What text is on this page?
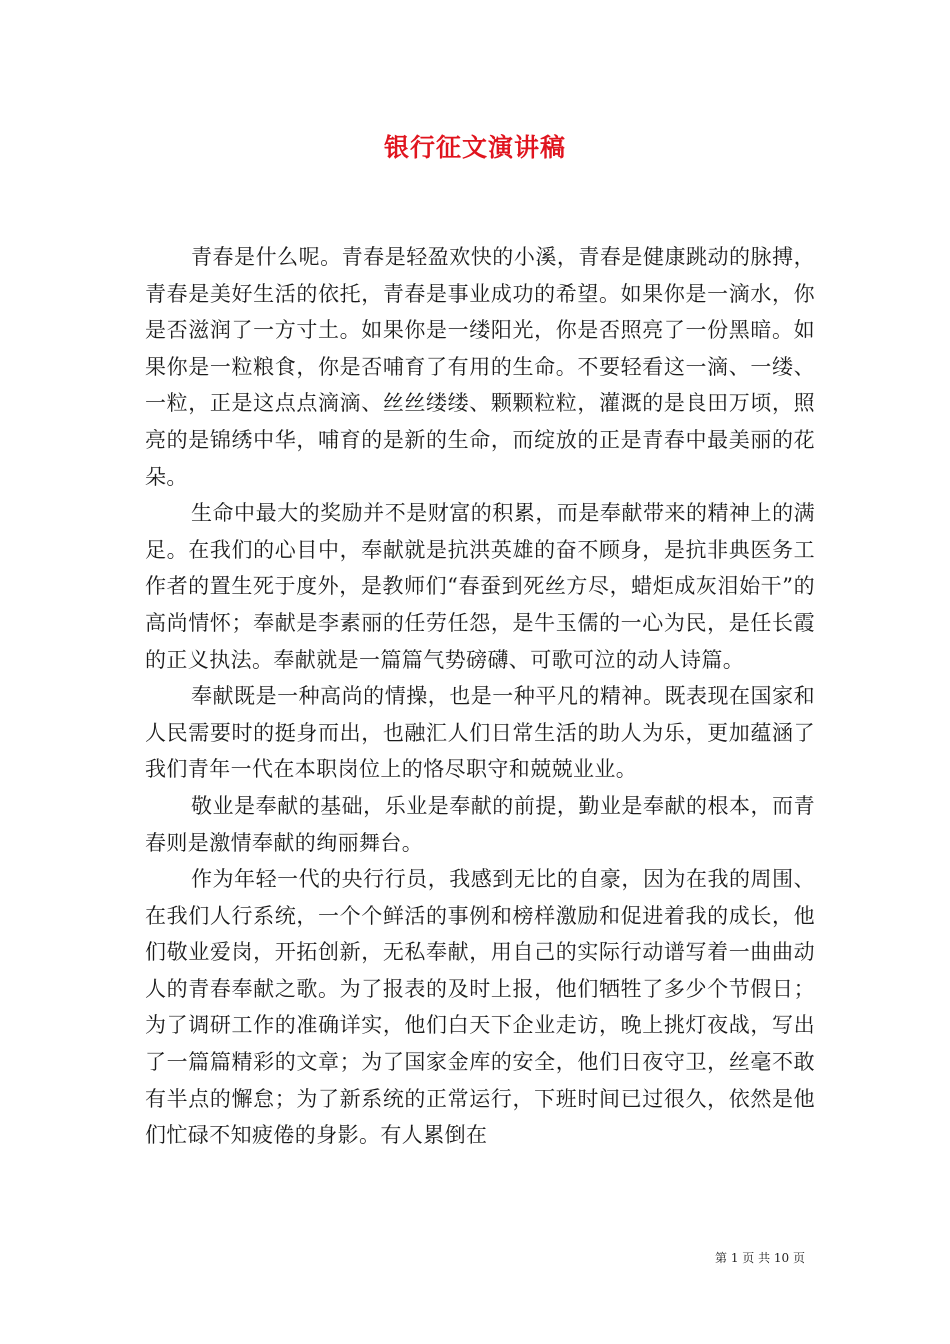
银行征文演讲稿

青春是什么呢。青春是轻盈欢快的小溪，青春是健康跳动的脉搏，青春是美好生活的依托，青春是事业成功的希望。如果你是一滴水，你是否滋润了一方寸土。如果你是一缕阳光，你是否照亮了一份黑暗。如果你是一粒粮食，你是否哺育了有用的生命。不要轻看这一滴、一缕、一粒，正是这点点滴滴、丝丝缕缕、颗颗粒粒，灌溉的是良田万顷，照亮的是锦绣中华，哺育的是新的生命，而绽放的正是青春中最美丽的花朵。

生命中最大的奖励并不是财富的积累，而是奉献带来的精神上的满足。在我们的心目中，奉献就是抗洪英雄的奋不顾身，是抗非典医务工作者的置生死于度外，是教师们“春蚕到死丝方尽，蜡炬成灰泪始干”的高尚情怀；奉献是李素丽的任劳任怨，是牛玉儒的一心为民，是任长霞的正义执法。奉献就是一篇篇气势磅礴、可歌可泣的动人诗篇。

奉献既是一种高尚的情操，也是一种平凡的精神。既表现在国家和人民需要时的挺身而出，也融汇人们日常生活的助人为乐，更加蕴涵了我们青年一代在本职岗位上的恪尽职守和兢兢业业。

敬业是奉献的基础，乐业是奉献的前提，勤业是奉献的根本，而青春则是激情奉献的绚丽舞台。

作为年轻一代的央行行员，我感到无比的自豪，因为在我的周围、在我们人行系统，一个个鲜活的事例和榜样激励和促进着我的成长，他们敬业爱岗，开拓创新，无私奉献，用自己的实际行动谱写着一曲曲动人的青春奉献之歌。为了报表的及时上报，他们牺牲了多少个节假日；为了调研工作的准确详实，他们白天下企业走访，晚上挑灯夜战，写出了一篇篇精彩的文章；为了国家金库的安全，他们日夜守卫，丝毫不敢有半点的懈怠；为了新系统的正常运行，下班时间已过很久，依然是他们忙碌不知疲倦的身影。有人累倒在

第 1 页 共 10 页
